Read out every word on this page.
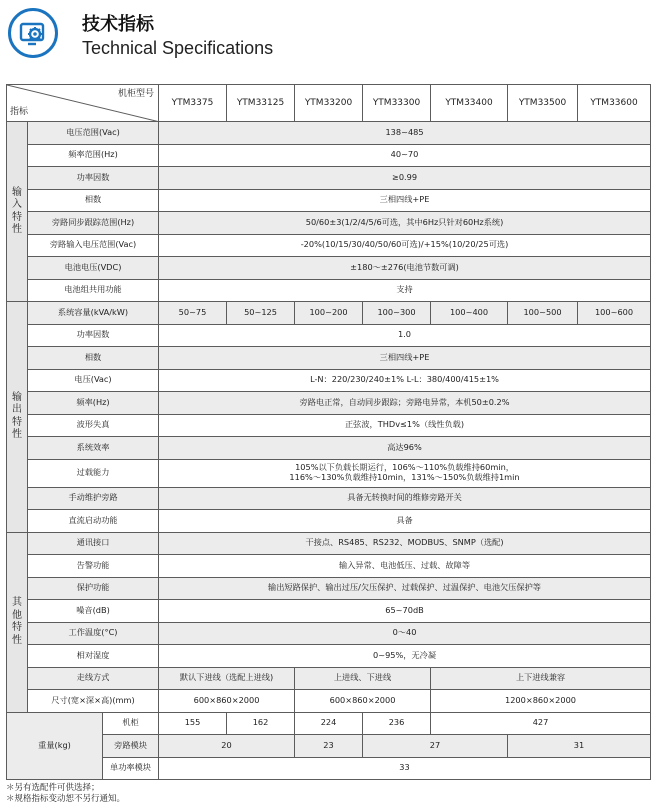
技术指标
Technical Specifications
机柜型号
指标			YTM3375	YTM33125	YTM33200	YTM33300	YTM33400	YTM33500	YTM33600
输
入
特
性	电压范围(Vac)		138~485						
	频率范围(Hz)		40~70						
	功率因数		≥0.99						
	相数		三相四线+PE						
	旁路同步跟踪范围(Hz)		50/60±3(1/2/4/5/6可选，其中6Hz只针对60Hz系统)						
	旁路输入电压范围(Vac)		-20%(10/15/30/40/50/60可选)/+15%(10/20/25可选)						
	电池电压(VDC)		±180～±276(电池节数可调)						
	电池组共用功能		支持						
输
出
特
性	系统容量(kVA/kW)		50~75	50~125	100~200	100~300	100~400	100~500	100~600
	功率因数		1.0						
	相数		三相四线+PE						
	电压(Vac)		L-N：220/230/240±1% L-L：380/400/415±1%						
	频率(Hz)		旁路电正常，自动同步跟踪；旁路电异常，本机50±0.2%						
	波形失真		正弦波，THDv≤1%（线性负载)						
	系统效率		高达96%						
	过载能力		105%以下负载长期运行，106%～110%负载维持60min，
116%～130%负载维持10min，131%～150%负载维持1min						

	手动维护旁路		具备无转换时间的维修旁路开关						
	直流启动功能		具备						
其
他
特
性	通讯接口		干接点、RS485、RS232、MODBUS、SNMP（选配)						
	告警功能		输入异常、电池低压、过载、故障等						
	保护功能		输出短路保护、输出过压/欠压保护、过载保护、过温保护、电池欠压保护等						
	噪音(dB)		65~70dB						
	工作温度(°C)		0～40						
	相对湿度		0~95%，无冷凝						
	走线方式		默认下进线（选配上进线)		上进线、下进线		上下进线兼容		
	尺寸(宽×深×高)(mm)		600×860×2000		600×860×2000		1200×860×2000		
重量(kg)		机柜	155	162	224	236	427		
		旁路模块	20		23	27		31	
		单功率模块	33						
＊另有选配件可供选择；
＊规格指标变动恕不另行通知。
